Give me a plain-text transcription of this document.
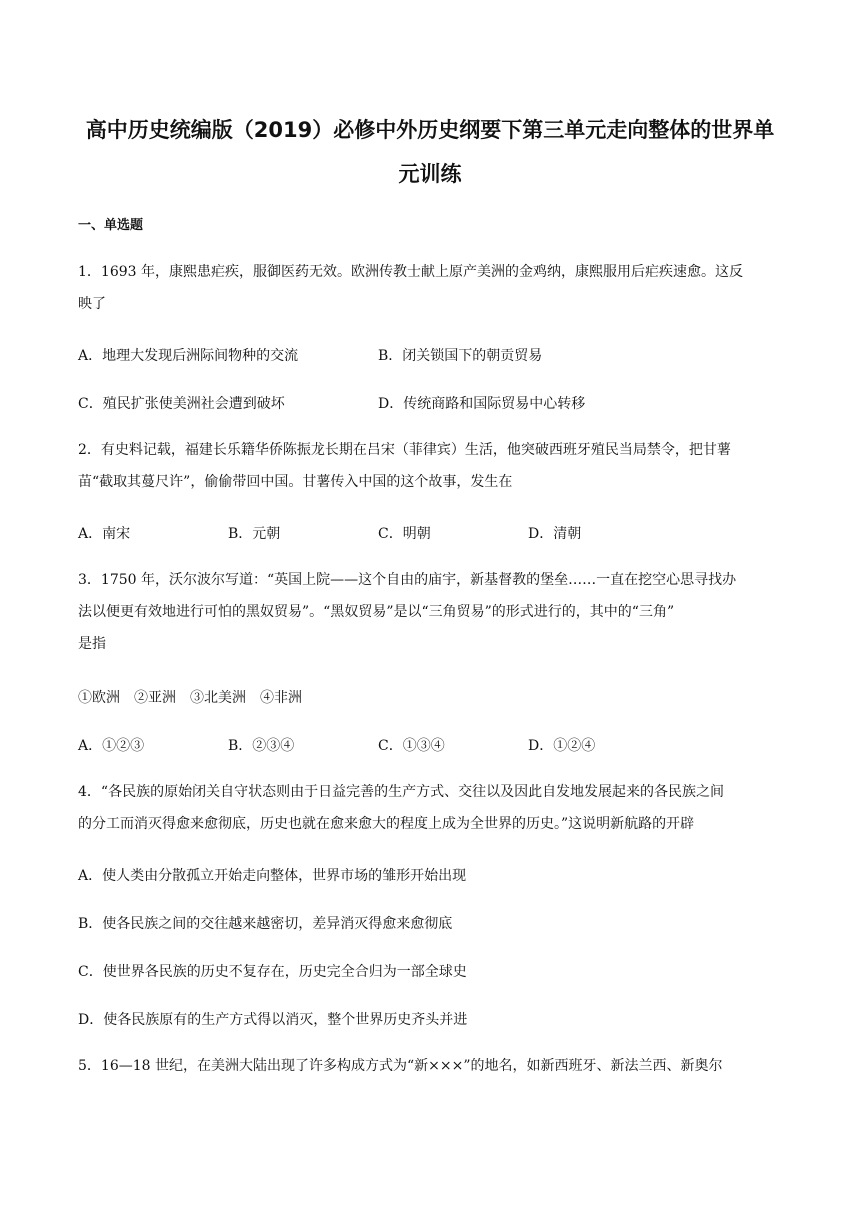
高中历史统编版（2019）必修中外历史纲要下第三单元走向整体的世界单
元训练
一、单选题
1．1693 年，康熙患疟疾，服御医药无效。欧洲传教士献上原产美洲的金鸡纳，康熙服用后疟疾速愈。这反
映了
A．地理大发现后洲际间物种的交流	B．闭关锁国下的朝贡贸易
C．殖民扩张使美洲社会遭到破坏	D．传统商路和国际贸易中心转移
2．有史料记载，福建长乐籍华侨陈振龙长期在吕宋（菲律宾）生活，他突破西班牙殖民当局禁令，把甘薯
苗“截取其蔓尺许”，偷偷带回中国。甘薯传入中国的这个故事，发生在
A．南宋	B．元朝	C．明朝	D．清朝
3．1750 年，沃尔波尔写道：“英国上院——这个自由的庙宇，新基督教的堡垒……一直在挖空心思寻找办
法以便更有效地进行可怕的黑奴贸易”。“黑奴贸易”是以“三角贸易”的形式进行的，其中的“三角”
是指
①欧洲　②亚洲　③北美洲　④非洲
A．①②③	B．②③④	C．①③④	D．①②④
4．“各民族的原始闭关自守状态则由于日益完善的生产方式、交往以及因此自发地发展起来的各民族之间
的分工而消灭得愈来愈彻底，历史也就在愈来愈大的程度上成为全世界的历史。”这说明新航路的开辟
A．使人类由分散孤立开始走向整体，世界市场的雏形开始出现
B．使各民族之间的交往越来越密切，差异消灭得愈来愈彻底
C．使世界各民族的历史不复存在，历史完全合归为一部全球史
D．使各民族原有的生产方式得以消灭，整个世界历史齐头并进
5．16—18 世纪，在美洲大陆出现了许多构成方式为“新×××”的地名，如新西班牙、新法兰西、新奥尔
